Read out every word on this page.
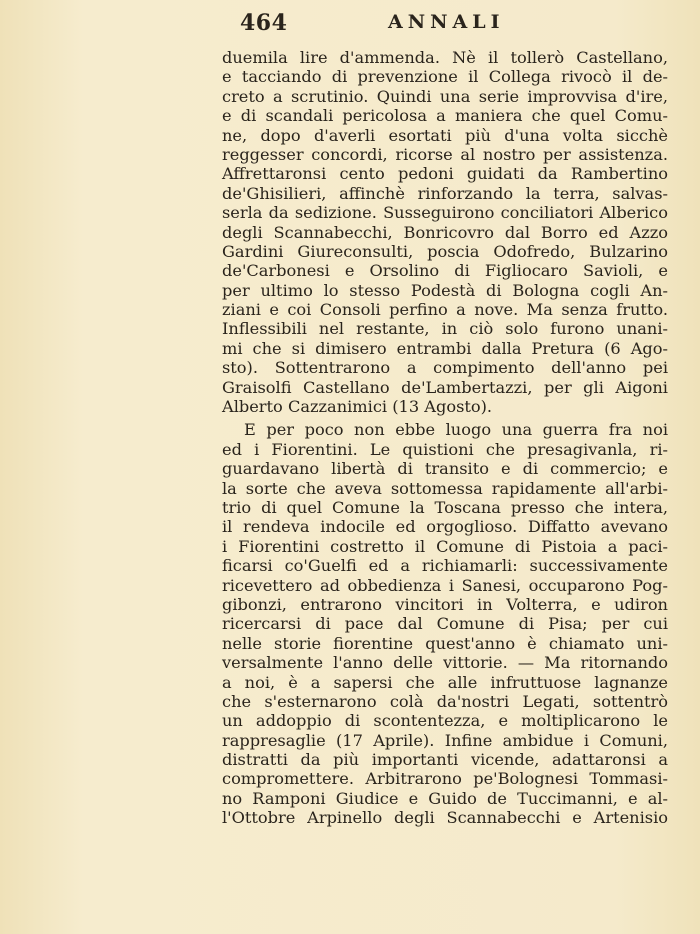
464	ANNALI
duemila lire d'ammenda. Nè il tollerò Castellano,
e tacciando di prevenzione il Collega rivocò il de-
creto a scrutinio. Quindi una serie improvvisa d'ire,
e di scandali pericolosa a maniera che quel Comu-
ne, dopo d'averli esortati più d'una volta sicchè
reggesser concordi, ricorse al nostro per assistenza.
Affrettaronsi cento pedoni guidati da Rambertino
de'Ghisilieri, affinchè rinforzando la terra, salvas-
serla da sedizione. Susseguirono conciliatori Alberico
degli Scannabecchi, Bonricovro dal Borro ed Azzo
Gardini Giureconsulti, poscia Odofredo, Bulzarino
de'Carbonesi e Orsolino di Figliocaro Savioli, e
per ultimo lo stesso Podestà di Bologna cogli An-
ziani e coi Consoli perfino a nove. Ma senza frutto.
Inflessibili nel restante, in ciò solo furono unani-
mi che si dimisero entrambi dalla Pretura (6 Ago-
sto). Sottentrarono a compimento dell'anno pei
Graisolfi Castellano de'Lambertazzi, per gli Aigoni
Alberto Cazzanimici (13 Agosto).
E per poco non ebbe luogo una guerra fra noi
ed i Fiorentini. Le quistioni che presagivanla, ri-
guardavano libertà di transito e di commercio; e
la sorte che aveva sottomessa rapidamente all'arbi-
trio di quel Comune la Toscana presso che intera,
il rendeva indocile ed orgoglioso. Diffatto avevano
i Fiorentini costretto il Comune di Pistoia a paci-
ficarsi co'Guelfi ed a richiamarli: successivamente
ricevettero ad obbedienza i Sanesi, occuparono Pog-
gibonzi, entrarono vincitori in Volterra, e udiron
ricercarsi di pace dal Comune di Pisa; per cui
nelle storie fiorentine quest'anno è chiamato uni-
versalmente l'anno delle vittorie. — Ma ritornando
a noi, è a sapersi che alle infruttuose lagnanze
che s'esternarono colà da'nostri Legati, sottentrò
un addoppio di scontentezza, e moltiplicarono le
rappresaglie (17 Aprile). Infine ambidue i Comuni,
distratti da più importanti vicende, adattaronsi a
compromettere. Arbitrarono pe'Bolognesi Tommasi-
no Ramponi Giudice e Guido de Tuccimanni, e al-
l'Ottobre Arpinello degli Scannabecchi e Artenisio
